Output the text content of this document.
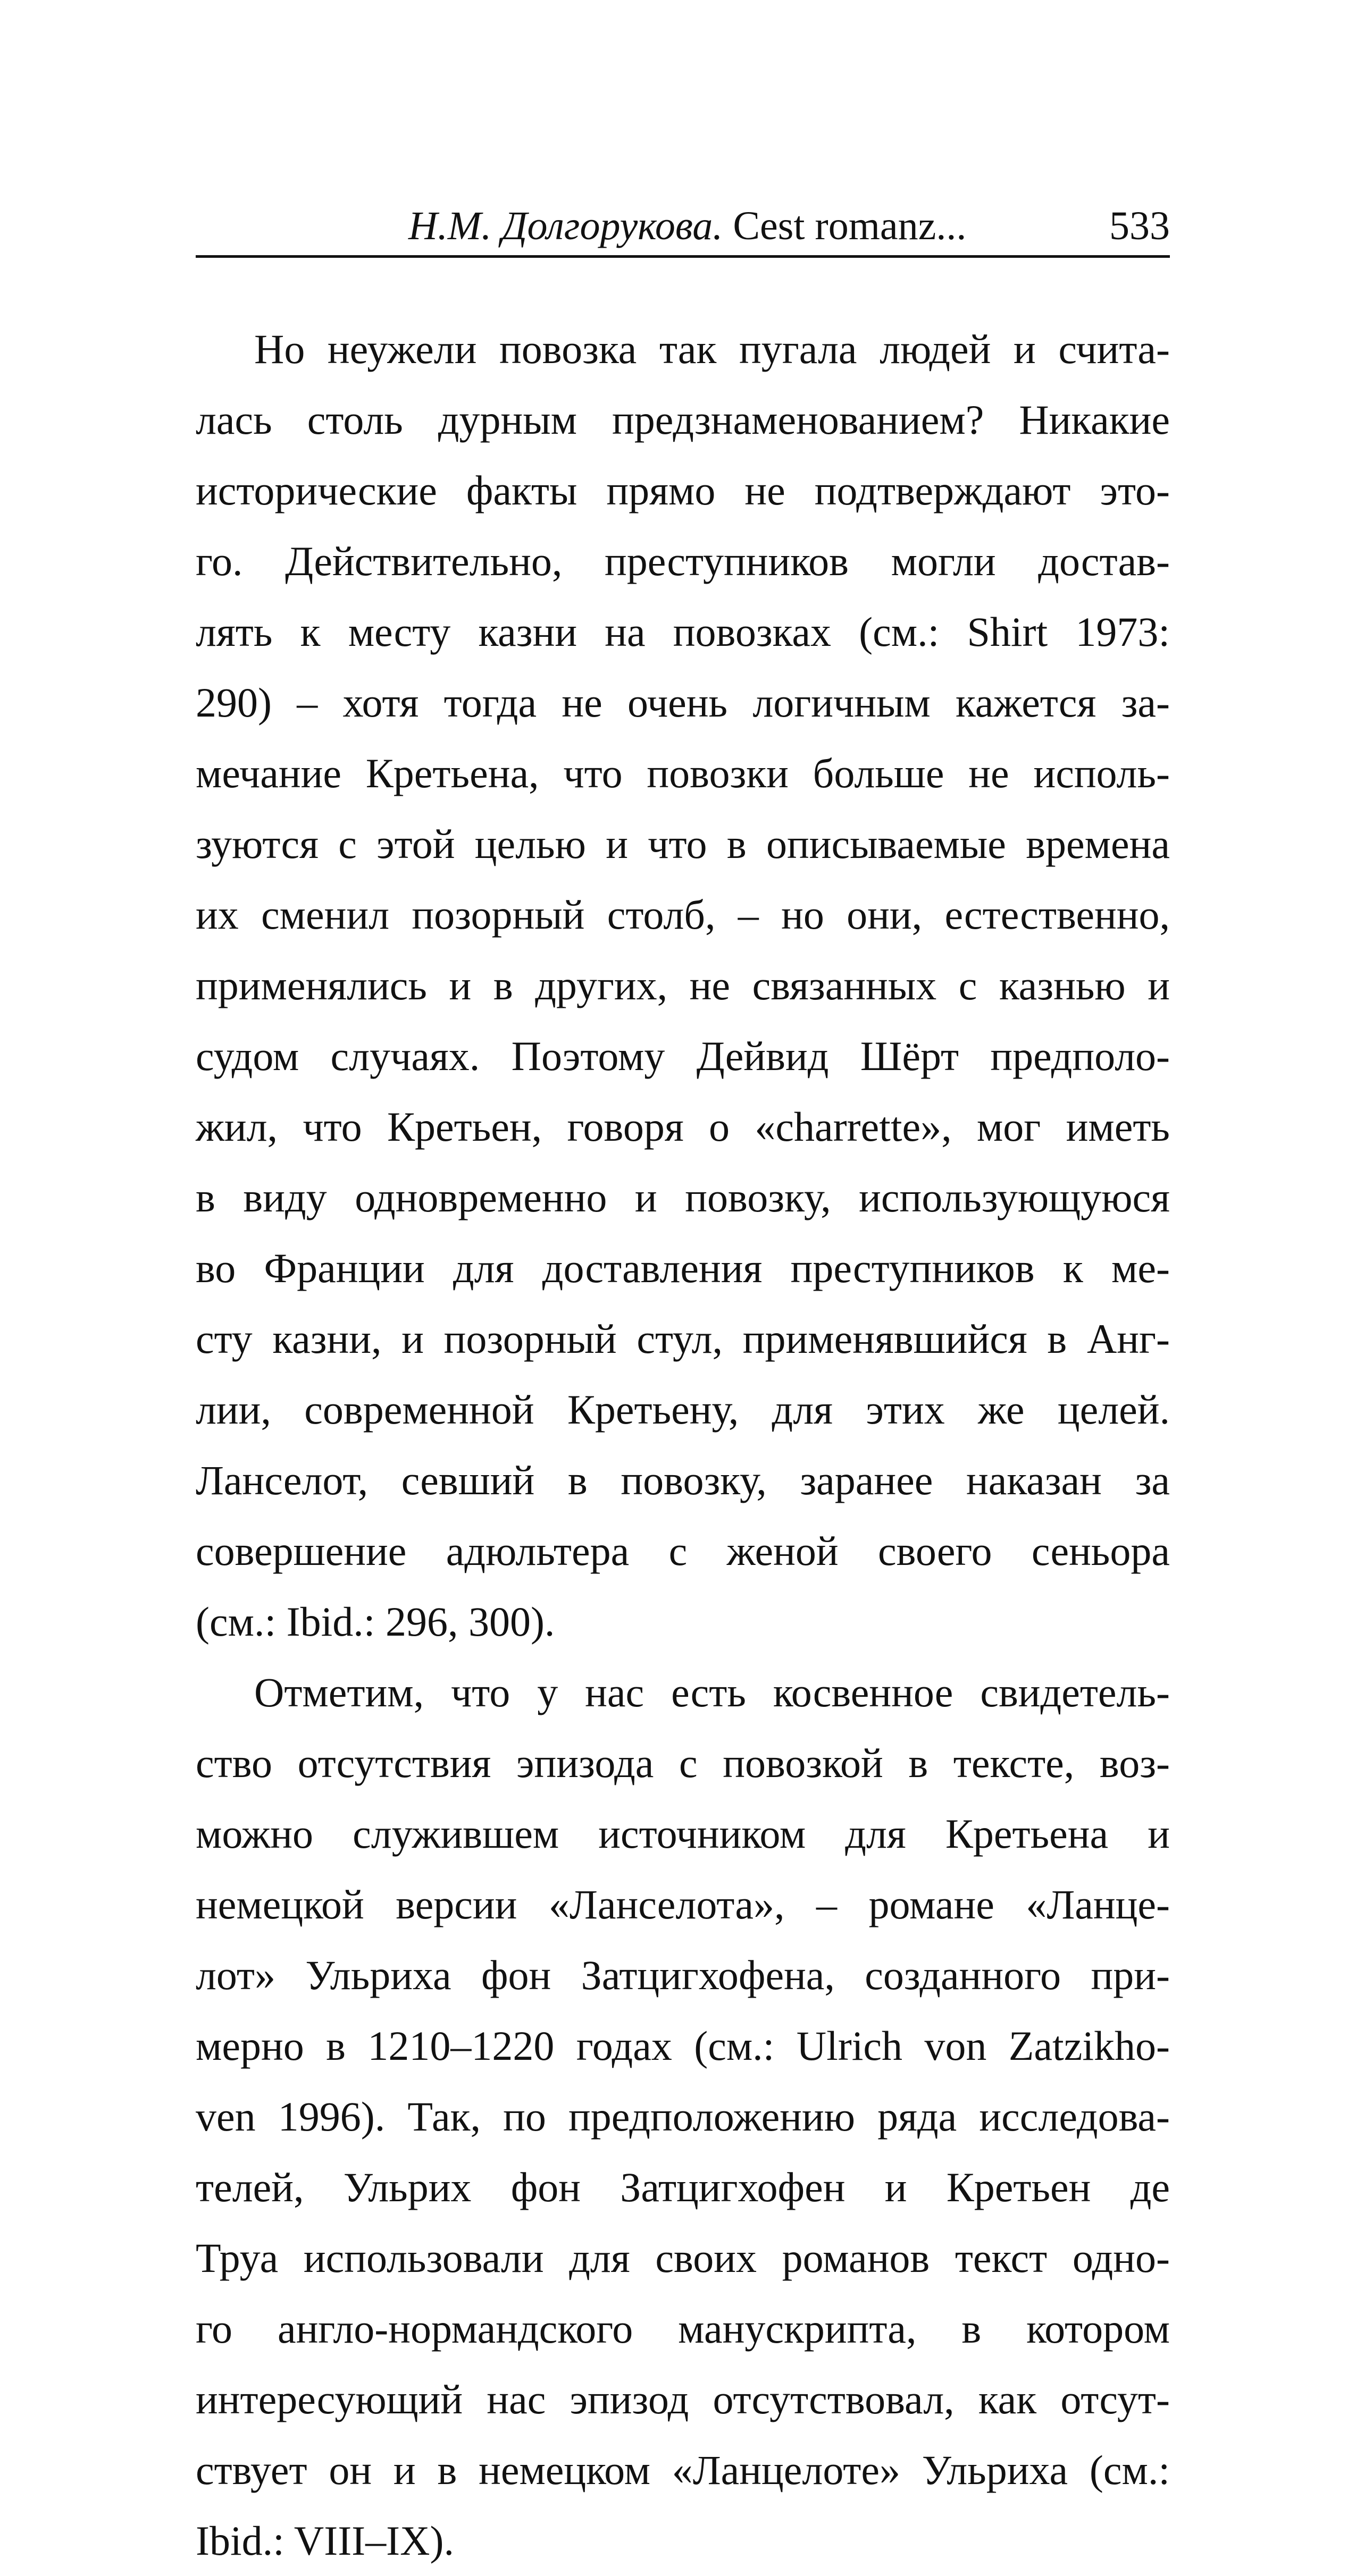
Н.М. Долгорукова. Cest romanz...	533
Но неужели повозка так пугала людей и счита-
лась столь дурным предзнаменованием? Никакие
исторические факты прямо не подтверждают это-
го. Действительно, преступников могли достав-
лять к месту казни на повозках (см.: Shirt 1973:
290) – хотя тогда не очень логичным кажется за-
мечание Кретьена, что повозки больше не исполь-
зуются с этой целью и что в описываемые времена
их сменил позорный столб, – но они, естественно,
применялись и в других, не связанных с казнью и
судом случаях. Поэтому Дейвид Шёрт предполо-
жил, что Кретьен, говоря о «charrette», мог иметь
в виду одновременно и повозку, использующуюся
во Франции для доставления преступников к ме-
сту казни, и позорный стул, применявшийся в Анг-
лии, современной Кретьену, для этих же целей.
Ланселот, севший в повозку, заранее наказан за
совершение адюльтера с женой своего сеньора
(см.: Ibid.: 296, 300).
Отметим, что у нас есть косвенное свидетель-
ство отсутствия эпизода с повозкой в тексте, воз-
можно служившем источником для Кретьена и
немецкой версии «Ланселота», – романе «Ланце-
лот» Ульриха фон Затцигхофена, созданного при-
мерно в 1210–1220 годах (см.: Ulrich von Zatzikho-
ven 1996). Так, по предположению ряда исследова-
телей, Ульрих фон Затцигхофен и Кретьен де
Труа использовали для своих романов текст одно-
го англо-нормандского манускрипта, в котором
интересующий нас эпизод отсутствовал, как отсут-
ствует он и в немецком «Ланцелоте» Ульриха (см.:
Ibid.: VIII–IX).
